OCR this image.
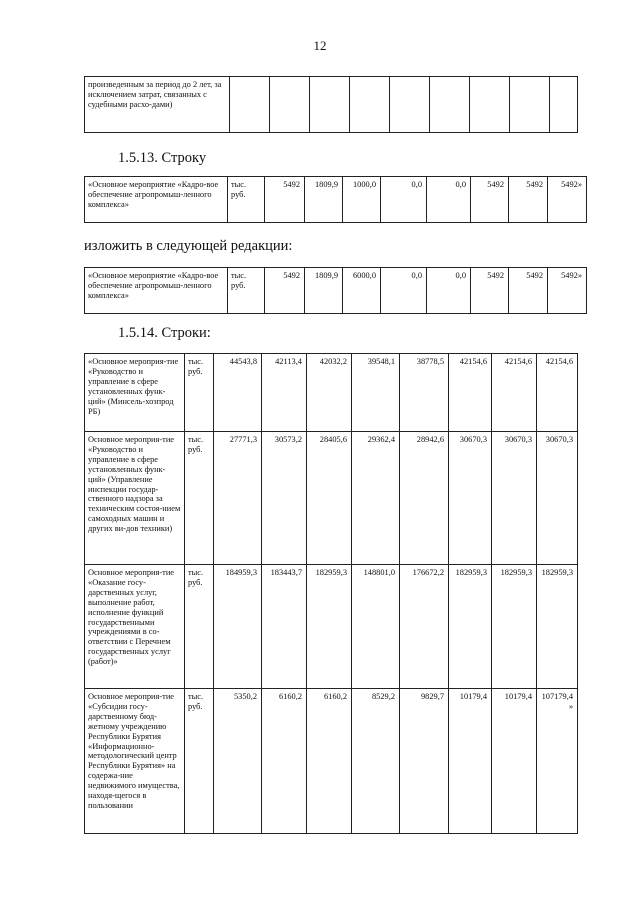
12
произведенным за период до 2 лет, за исключением затрат, связанных с судебными расхо-дами)									
1.5.13. Строку
«Основное мероприятие «Кадро-вое обеспечение агропромыш-ленного комплекса»	тыс. руб.	5492	1809,9	1000,0	0,0	0,0	5492	5492	5492»
изложить в следующей редакции:
«Основное мероприятие «Кадро-вое обеспечение агропромыш-ленного комплекса»	тыс. руб.	5492	1809,9	6000,0	0,0	0,0	5492	5492	5492»
1.5.14. Строки:
«Основное мероприя-тие «Руководство и управление в сфере установленных функ-ций» (Минсель-хозпрод РБ)	тыс. руб.	44543,8	42113,4	42032,2	39548,1	38778,5	42154,6	42154,6	42154,6
Основное мероприя-тие «Руководство и управление в сфере установленных функ-ций» (Управление инспекции государ-ственного надзора за техническим состоя-нием самоходных машин и других ви-дов техники)	тыс. руб.	27771,3	30573,2	28405,6	29362,4	28942,6	30670,3	30670,3	30670,3
Основное мероприя-тие «Оказание госу-дарственных услуг, выполнение работ, исполнение функций государственными учреждениями в со-ответствии с Перечнем государственных услуг (работ)»	тыс. руб.	184959,3	183443,7	182959,3	148801,0	176672,2	182959,3	182959,3	182959,3
Основное мероприя-тие «Субсидии госу-дарственному бюд-жетному учреждению Республики Бурятия «Информационно-методологический центр Республики Бурятия» на содержа-ние недвижимого имущества, находя-щегося в пользовании	тыс. руб.	5350,2	6160,2	6160,2	8529,2	9829,7	10179,4	10179,4	107179,4»
